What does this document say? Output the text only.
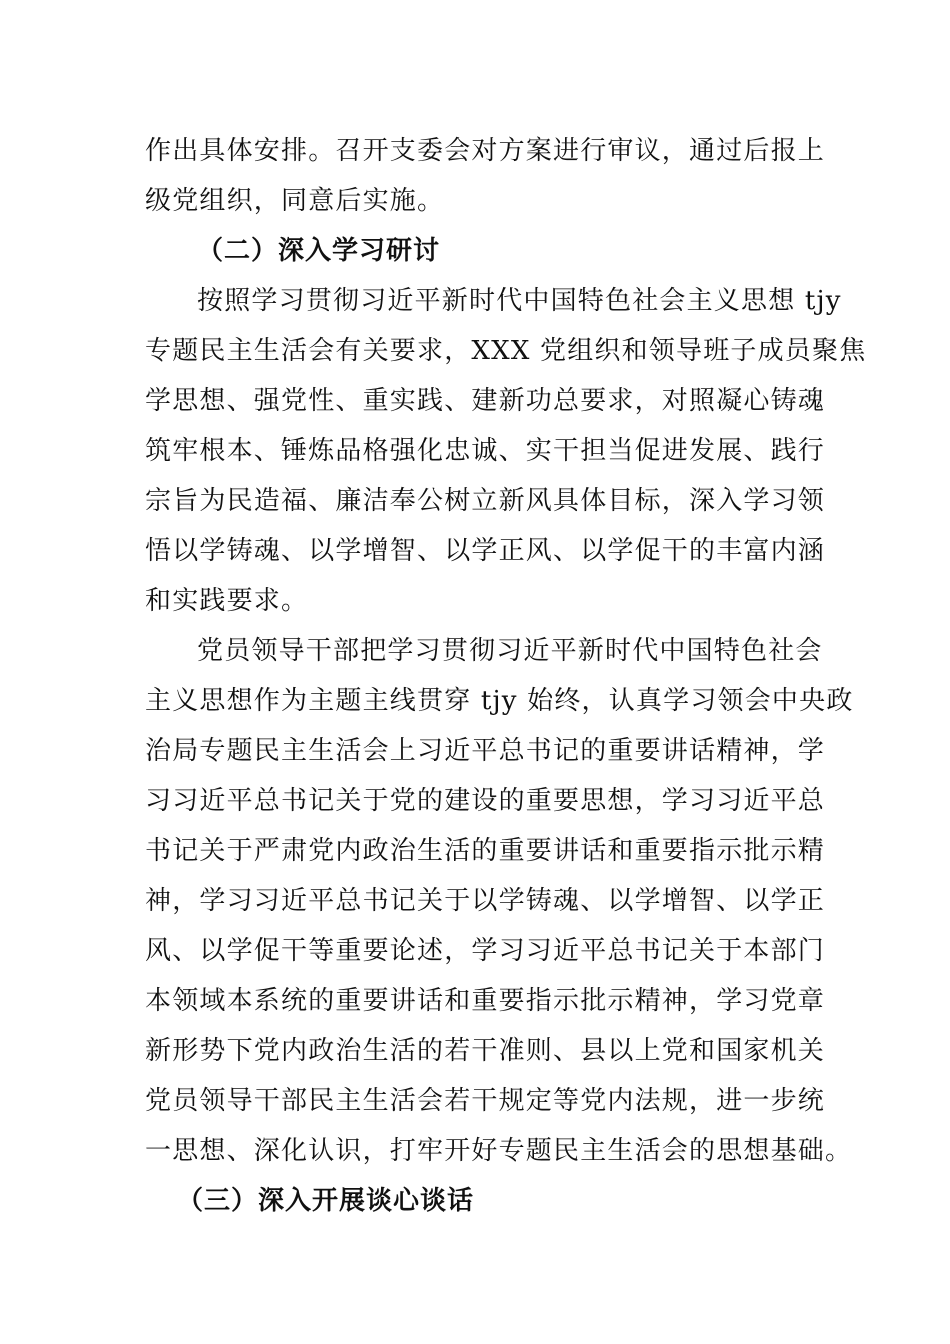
作出具体安排。召开支委会对方案进行审议，通过后报上
级党组织，同意后实施。
（二）深入学习研讨
按照学习贯彻习近平新时代中国特色社会主义思想 tjy
专题民主生活会有关要求，XXX 党组织和领导班子成员聚焦
学思想、强党性、重实践、建新功总要求，对照凝心铸魂
筑牢根本、锤炼品格强化忠诚、实干担当促进发展、践行
宗旨为民造福、廉洁奉公树立新风具体目标，深入学习领
悟以学铸魂、以学增智、以学正风、以学促干的丰富内涵
和实践要求。
党员领导干部把学习贯彻习近平新时代中国特色社会
主义思想作为主题主线贯穿 tjy 始终，认真学习领会中央政
治局专题民主生活会上习近平总书记的重要讲话精神，学
习习近平总书记关于党的建设的重要思想，学习习近平总
书记关于严肃党内政治生活的重要讲话和重要指示批示精
神，学习习近平总书记关于以学铸魂、以学增智、以学正
风、以学促干等重要论述，学习习近平总书记关于本部门
本领域本系统的重要讲话和重要指示批示精神，学习党章
新形势下党内政治生活的若干准则、县以上党和国家机关
党员领导干部民主生活会若干规定等党内法规，进一步统
一思想、深化认识，打牢开好专题民主生活会的思想基础。
（三）深入开展谈心谈话
